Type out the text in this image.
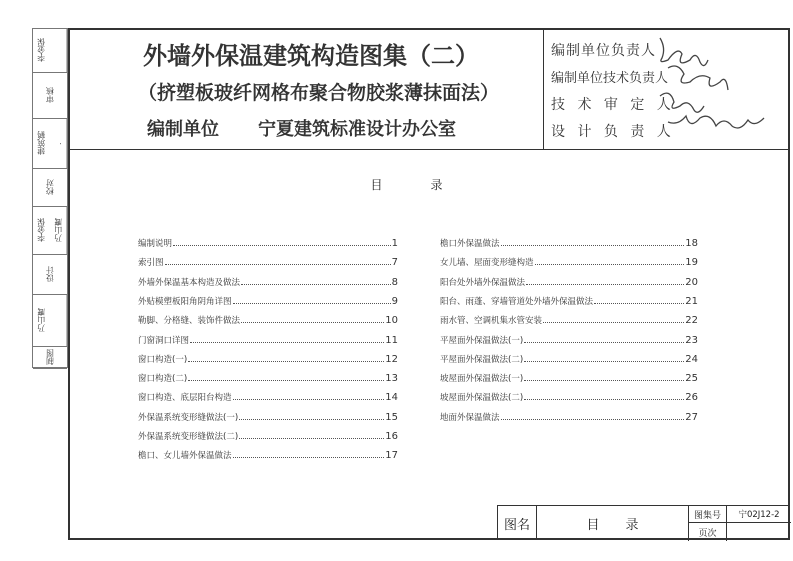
李金保
审核
建筑鹤 .
校对
李金保 乃山鹰
设计
乃山鹰
制图
外墙外保温建筑构造图集（二）
（挤塑板玻纤网格布聚合物胶浆薄抹面法）
编制单位 宁夏建筑标准设计办公室
编制单位负责人
编制单位技术负责人
技 术 审 定 人
设 计 负 责 人
目　　　　录
编制说明	1
索引图	7
外墙外保温基本构造及做法	8
外贴模塑板阳角阴角详图	9
勒脚、分格缝、装饰件做法	10
门窗洞口详图	11
窗口构造(一)	12
窗口构造(二)	13
窗口构造、底层阳台构造	14
外保温系统变形缝做法(一)	15
外保温系统变形缝做法(二)	16
檐口、女儿墙外保温做法	17
檐口外保温做法	18
女儿墙、屋面变形缝构造	19
阳台处外墙外保温做法	20
阳台、雨蓬、穿墙管道处外墙外保温做法	21
雨水管、空调机集水管安装	22
平屋面外保温做法(一)	23
平屋面外保温做法(二)	24
坡屋面外保温做法(一)	25
坡屋面外保温做法(二)	26
地面外保温做法	27
图名	目　　录
图集号	宁02J12-2
页次
